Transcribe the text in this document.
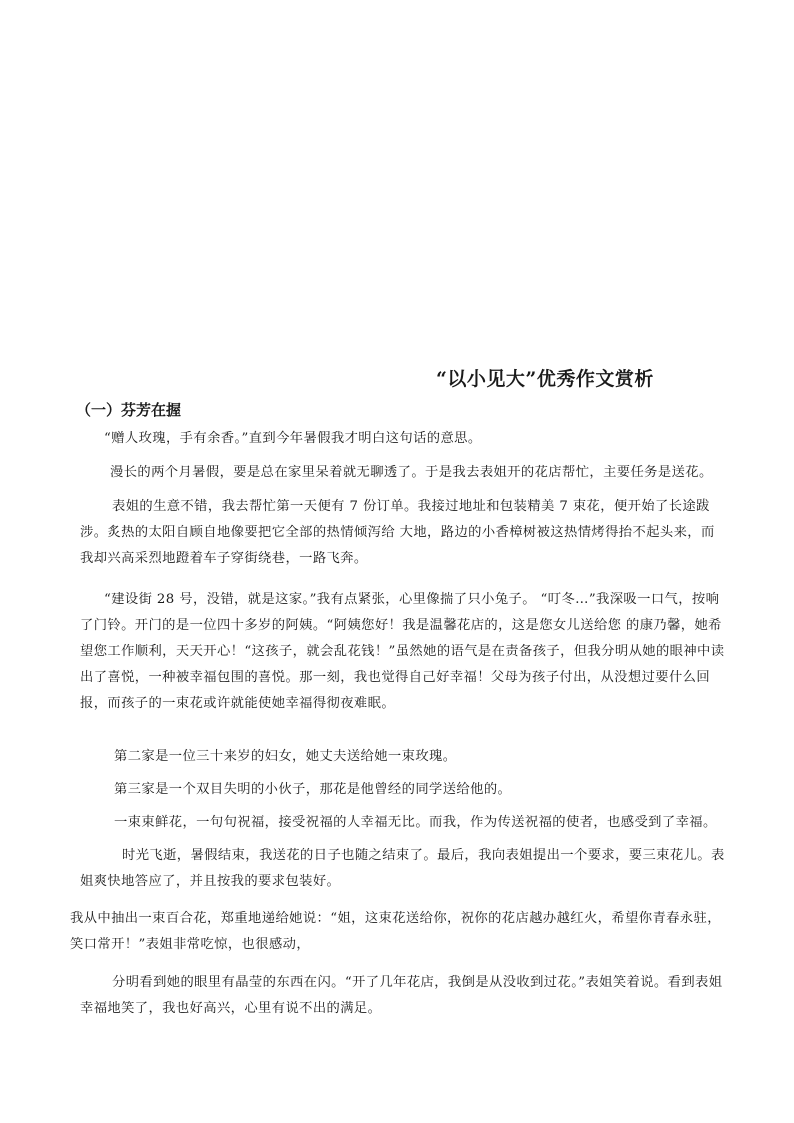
“以小见大”优秀作文赏析
（一）芬芳在握
“赠人玫瑰，手有余香。”直到今年暑假我才明白这句话的意思。
漫长的两个月暑假，要是总在家里呆着就无聊透了。于是我去表姐开的花店帮忙，主要任务是送花。
表姐的生意不错，我去帮忙第一天便有 7 份订单。我接过地址和包装精美 7 束花，便开始了长途跋涉。炙热的太阳自顾自地像要把它全部的热情倾泻给 大地，路边的小香樟树被这热情烤得抬不起头来，而我却兴高采烈地蹬着车子穿街绕巷，一路飞奔。
“建设街 28 号，没错，就是这家。”我有点紧张，心里像揣了只小兔子。 “叮冬…”我深吸一口气，按响了门铃。开门的是一位四十多岁的阿姨。“阿姨您好！我是温馨花店的，这是您女儿送给您 的康乃馨，她希望您工作顺利，天天开心！“这孩子，就会乱花钱！”虽然她的语气是在责备孩子，但我分明从她的眼神中读出了喜悦，一种被幸福包围的喜悦。那一刻，我也觉得自己好幸福！父母为孩子付出，从没想过要什么回报，而孩子的一束花或许就能使她幸福得彻夜难眠。
第二家是一位三十来岁的妇女，她丈夫送给她一束玫瑰。
第三家是一个双目失明的小伙子，那花是他曾经的同学送给他的。
一束束鲜花，一句句祝福，接受祝福的人幸福无比。而我，作为传送祝福的使者，也感受到了幸福。
时光飞逝，暑假结束，我送花的日子也随之结束了。最后，我向表姐提出一个要求，要三束花儿。表姐爽快地答应了，并且按我的要求包装好。
我从中抽出一束百合花，郑重地递给她说：“姐，这束花送给你，祝你的花店越办越红火，希望你青春永驻，笑口常开！”表姐非常吃惊，也很感动，
分明看到她的眼里有晶莹的东西在闪。“开了几年花店，我倒是从没收到过花。”表姐笑着说。看到表姐幸福地笑了，我也好高兴，心里有说不出的满足。
